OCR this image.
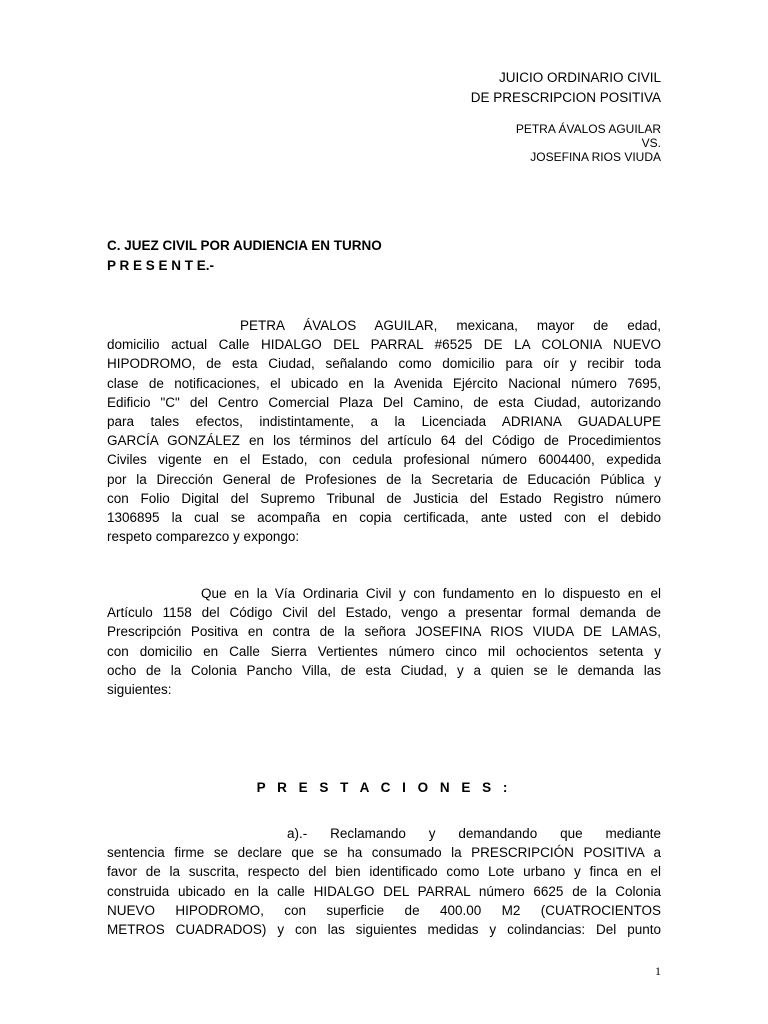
JUICIO ORDINARIO CIVIL
DE PRESCRIPCION POSITIVA
PETRA ÁVALOS AGUILAR
VS.
JOSEFINA RIOS VIUDA
C. JUEZ CIVIL POR AUDIENCIA EN TURNO
P R E S E N T E.-
PETRA ÁVALOS AGUILAR, mexicana, mayor de edad,
domicilio actual Calle HIDALGO DEL PARRAL #6525 DE LA COLONIA NUEVO
HIPODROMO, de esta Ciudad, señalando como domicilio para oír y recibir toda
clase de notificaciones, el ubicado en la Avenida Ejército Nacional número 7695,
Edificio "C" del Centro Comercial Plaza Del Camino, de esta Ciudad, autorizando
para tales efectos, indistintamente, a la Licenciada ADRIANA GUADALUPE
GARCÍA GONZÁLEZ en los términos del artículo 64 del Código de Procedimientos
Civiles vigente en el Estado, con cedula profesional número 6004400, expedida
por la Dirección General de Profesiones de la Secretaria de Educación Pública y
con Folio Digital del Supremo Tribunal de Justicia del Estado Registro número
1306895 la cual se acompaña en copia certificada, ante usted con el debido
respeto comparezco y expongo:
Que en la Vía Ordinaria Civil y con fundamento en lo dispuesto en el
Artículo 1158 del Código Civil del Estado, vengo a presentar formal demanda de
Prescripción Positiva en contra de la señora JOSEFINA RIOS VIUDA DE LAMAS,
con domicilio en Calle Sierra Vertientes número cinco mil ochocientos setenta y
ocho de la Colonia Pancho Villa, de esta Ciudad, y a quien se le demanda las
siguientes:
P R E S T A C I O N E S :
a).- Reclamando y demandando que mediante
sentencia firme se declare que se ha consumado la PRESCRIPCIÓN POSITIVA a
favor de la suscrita, respecto del bien identificado como Lote urbano y finca en el
construida ubicado en la calle HIDALGO DEL PARRAL número 6625 de la Colonia
NUEVO HIPODROMO, con superficie de 400.00 M2 (CUATROCIENTOS
METROS CUADRADOS) y con las siguientes medidas y colindancias: Del punto
1
